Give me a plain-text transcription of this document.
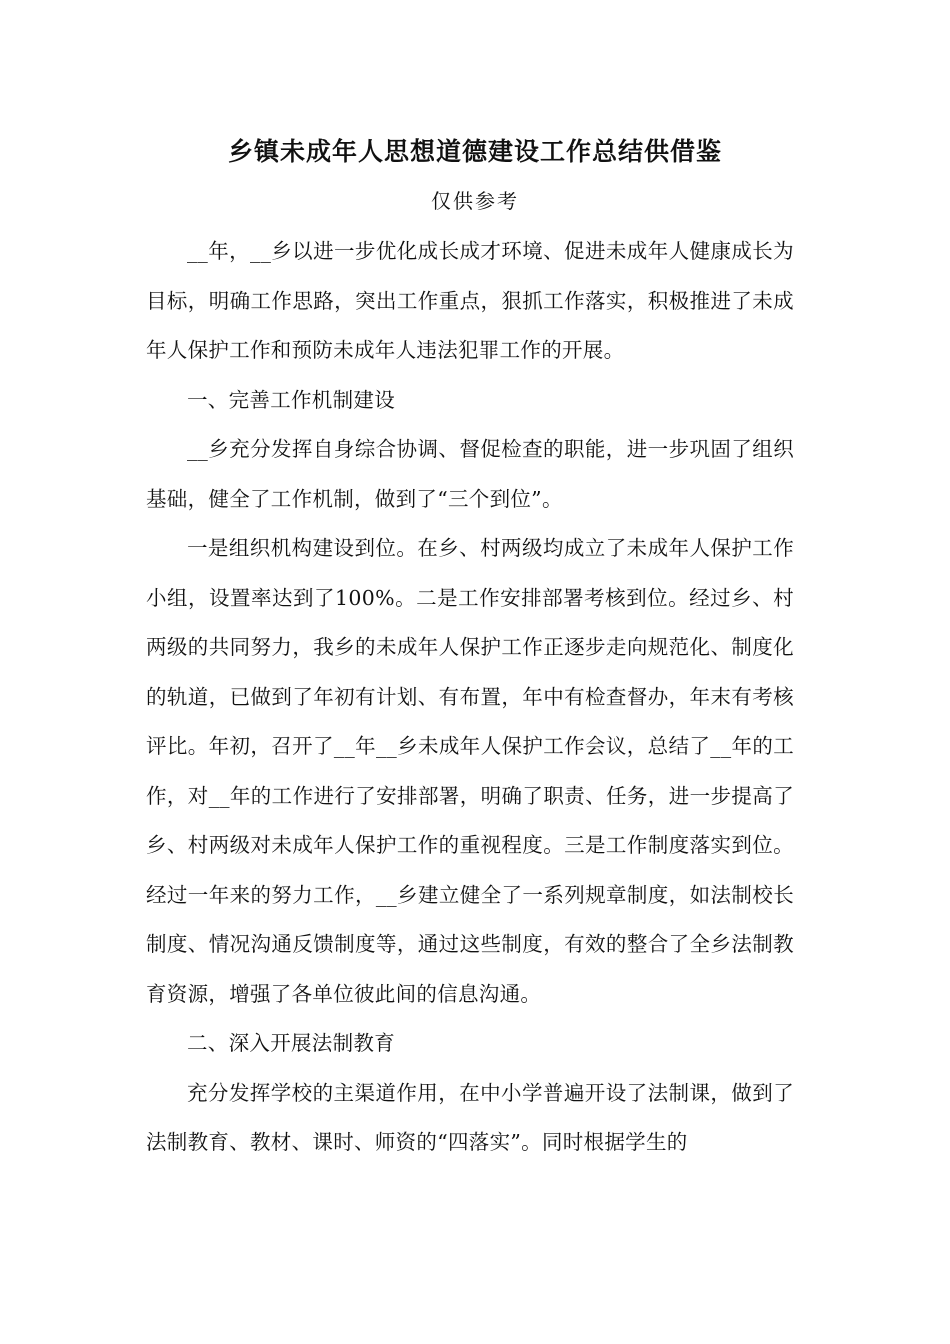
乡镇未成年人思想道德建设工作总结供借鉴
仅供参考

__年，__乡以进一步优化成长成才环境、促进未成年人健康成长为目标，明确工作思路，突出工作重点，狠抓工作落实，积极推进了未成年人保护工作和预防未成年人违法犯罪工作的开展。

一、完善工作机制建设

__乡充分发挥自身综合协调、督促检查的职能，进一步巩固了组织基础，健全了工作机制，做到了“三个到位”。

一是组织机构建设到位。在乡、村两级均成立了未成年人保护工作小组，设置率达到了100%。二是工作安排部署考核到位。经过乡、村两级的共同努力，我乡的未成年人保护工作正逐步走向规范化、制度化的轨道，已做到了年初有计划、有布置，年中有检查督办，年末有考核评比。年初，召开了__年__乡未成年人保护工作会议，总结了__年的工作，对__年的工作进行了安排部署，明确了职责、任务，进一步提高了乡、村两级对未成年人保护工作的重视程度。三是工作制度落实到位。经过一年来的努力工作，__乡建立健全了一系列规章制度，如法制校长制度、情况沟通反馈制度等，通过这些制度，有效的整合了全乡法制教育资源，增强了各单位彼此间的信息沟通。

二、深入开展法制教育

充分发挥学校的主渠道作用，在中小学普遍开设了法制课，做到了法制教育、教材、课时、师资的“四落实”。同时根据学生的
